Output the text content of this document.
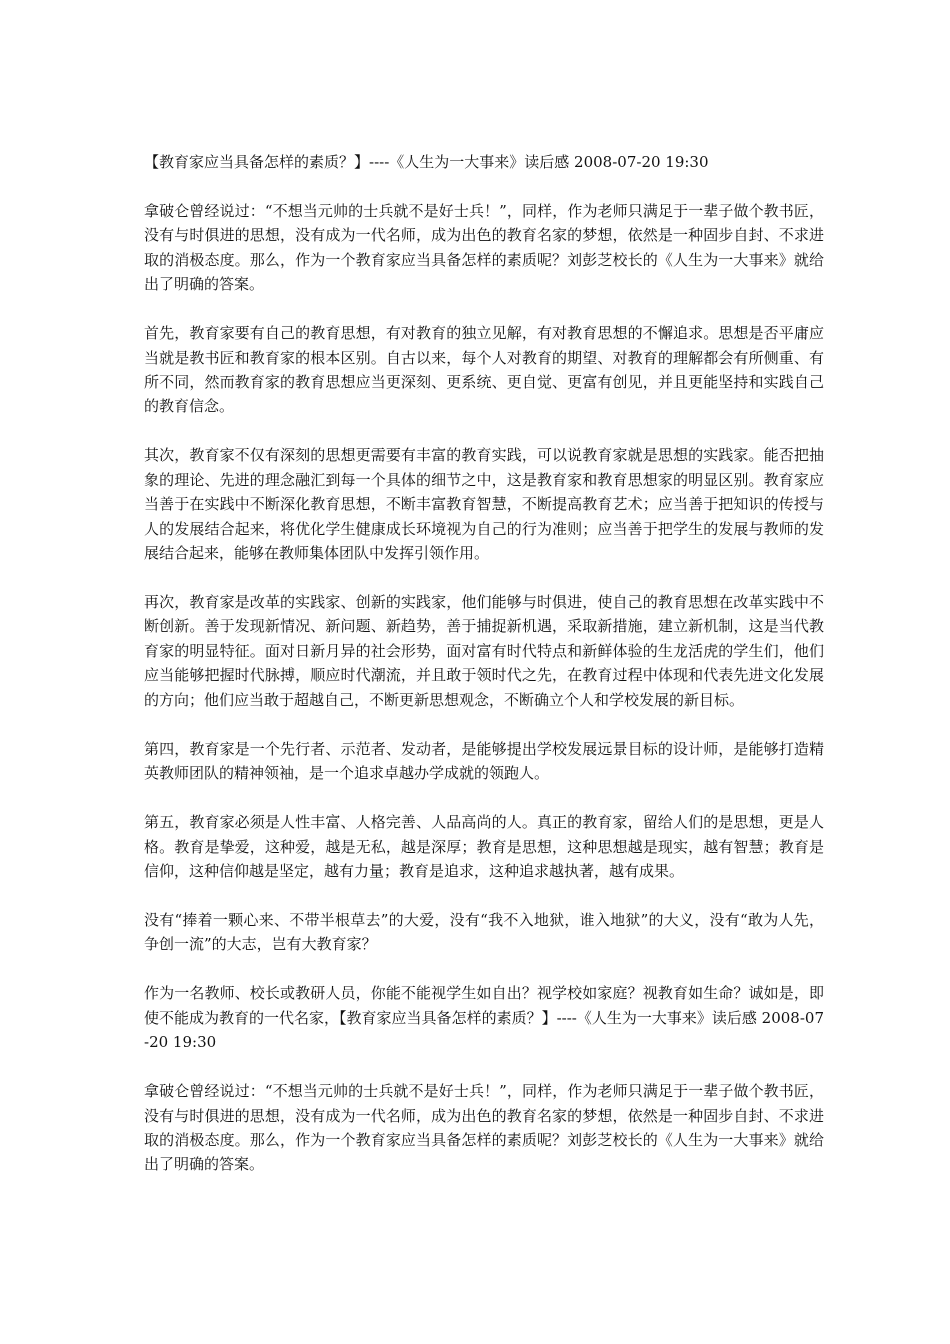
【教育家应当具备怎样的素质？】----《人生为一大事来》读后感 2008-07-20 19:30

拿破仑曾经说过：“不想当元帅的士兵就不是好士兵！”，同样，作为老师只满足于一辈子做个教书匠，没有与时俱进的思想，没有成为一代名师，成为出色的教育名家的梦想，依然是一种固步自封、不求进取的消极态度。那么，作为一个教育家应当具备怎样的素质呢？刘彭芝校长的《人生为一大事来》就给出了明确的答案。

首先，教育家要有自己的教育思想，有对教育的独立见解，有对教育思想的不懈追求。思想是否平庸应当就是教书匠和教育家的根本区别。自古以来，每个人对教育的期望、对教育的理解都会有所侧重、有所不同，然而教育家的教育思想应当更深刻、更系统、更自觉、更富有创见，并且更能坚持和实践自己的教育信念。

其次，教育家不仅有深刻的思想更需要有丰富的教育实践，可以说教育家就是思想的实践家。能否把抽象的理论、先进的理念融汇到每一个具体的细节之中，这是教育家和教育思想家的明显区别。教育家应当善于在实践中不断深化教育思想，不断丰富教育智慧，不断提高教育艺术；应当善于把知识的传授与人的发展结合起来，将优化学生健康成长环境视为自己的行为准则；应当善于把学生的发展与教师的发展结合起来，能够在教师集体团队中发挥引领作用。

再次，教育家是改革的实践家、创新的实践家，他们能够与时俱进，使自己的教育思想在改革实践中不断创新。善于发现新情况、新问题、新趋势，善于捕捉新机遇，采取新措施，建立新机制，这是当代教育家的明显特征。面对日新月异的社会形势，面对富有时代特点和新鲜体验的生龙活虎的学生们，他们应当能够把握时代脉搏，顺应时代潮流，并且敢于领时代之先，在教育过程中体现和代表先进文化发展的方向；他们应当敢于超越自己，不断更新思想观念，不断确立个人和学校发展的新目标。

第四，教育家是一个先行者、示范者、发动者，是能够提出学校发展远景目标的设计师，是能够打造精英教师团队的精神领袖，是一个追求卓越办学成就的领跑人。

第五，教育家必须是人性丰富、人格完善、人品高尚的人。真正的教育家，留给人们的是思想，更是人格。教育是挚爱，这种爱，越是无私，越是深厚；教育是思想，这种思想越是现实，越有智慧；教育是信仰，这种信仰越是坚定，越有力量；教育是追求，这种追求越执著，越有成果。

没有“捧着一颗心来、不带半根草去”的大爱，没有“我不入地狱，谁入地狱”的大义，没有“敢为人先，争创一流”的大志，岂有大教育家？

作为一名教师、校长或教研人员，你能不能视学生如自出？视学校如家庭？视教育如生命？诚如是，即使不能成为教育的一代名家，【教育家应当具备怎样的素质？】----《人生为一大事来》读后感 2008-07-20 19:30

拿破仑曾经说过：“不想当元帅的士兵就不是好士兵！”，同样，作为老师只满足于一辈子做个教书匠，没有与时俱进的思想，没有成为一代名师，成为出色的教育名家的梦想，依然是一种固步自封、不求进取的消极态度。那么，作为一个教育家应当具备怎样的素质呢？刘彭芝校长的《人生为一大事来》就给出了明确的答案。
